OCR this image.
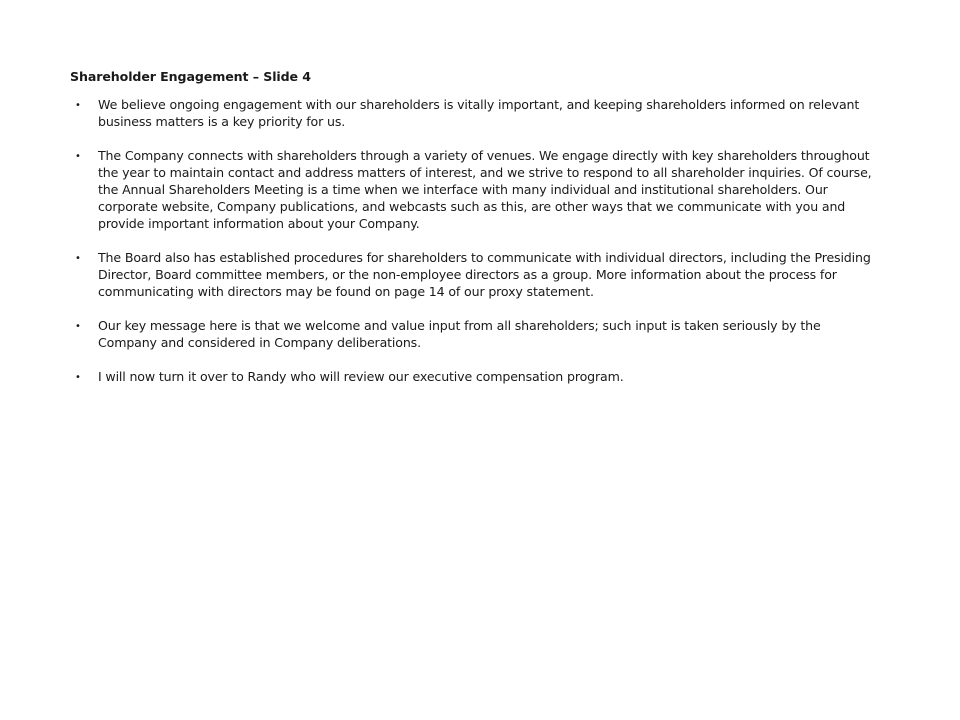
Shareholder Engagement – Slide 4
• We believe ongoing engagement with our shareholders is vitally important, and keeping shareholders informed on relevant business matters is a key priority for us.
• The Company connects with shareholders through a variety of venues. We engage directly with key shareholders throughout the year to maintain contact and address matters of interest, and we strive to respond to all shareholder inquiries. Of course, the Annual Shareholders Meeting is a time when we interface with many individual and institutional shareholders. Our corporate website, Company publications, and webcasts such as this, are other ways that we communicate with you and provide important information about your Company.
• The Board also has established procedures for shareholders to communicate with individual directors, including the Presiding Director, Board committee members, or the non-employee directors as a group. More information about the process for communicating with directors may be found on page 14 of our proxy statement.
• Our key message here is that we welcome and value input from all shareholders; such input is taken seriously by the Company and considered in Company deliberations.
• I will now turn it over to Randy who will review our executive compensation program.
